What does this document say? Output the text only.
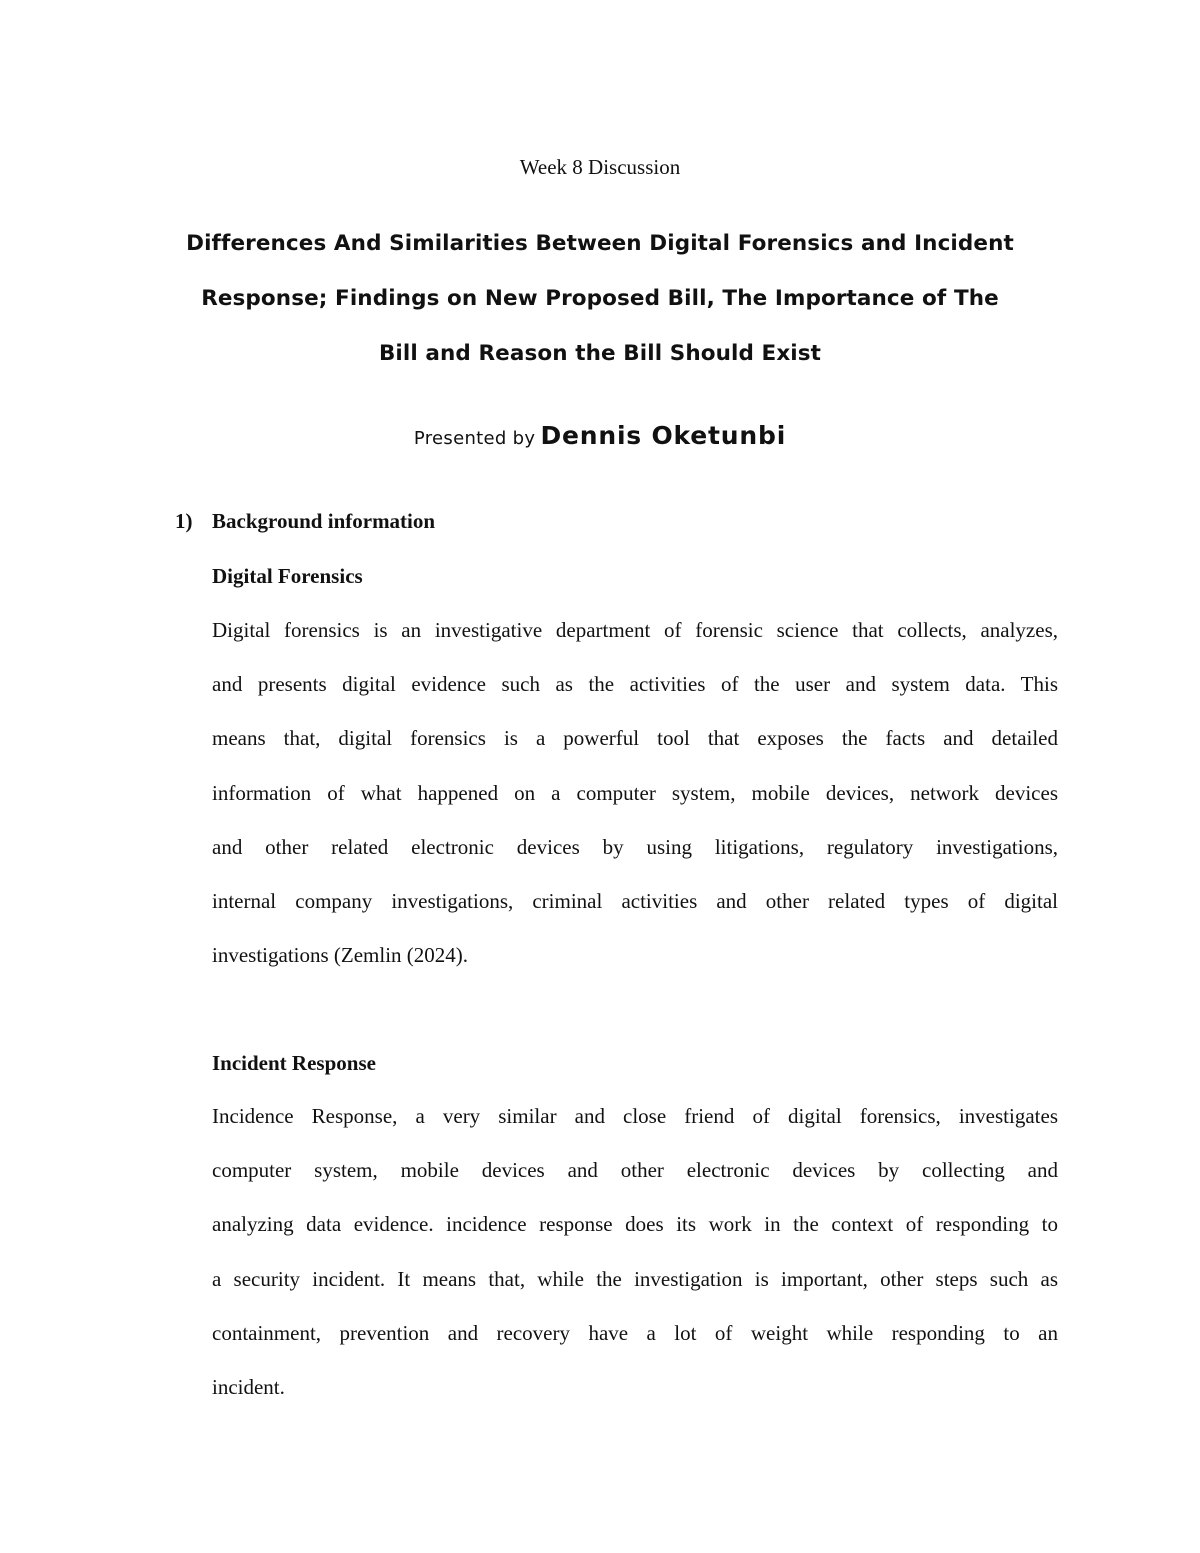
Week 8 Discussion
Differences And Similarities Between Digital Forensics and Incident
Response; Findings on New Proposed Bill, The Importance of The
Bill and Reason the Bill Should Exist
Presented by Dennis Oketunbi
1) Background information
Digital Forensics
Digital forensics is an investigative department of forensic science that collects, analyzes,
and presents digital evidence such as the activities of the user and system data. This
means that, digital forensics is a powerful tool that exposes the facts and detailed
information of what happened on a computer system, mobile devices, network devices
and other related electronic devices by using litigations, regulatory investigations,
internal company investigations, criminal activities and other related types of digital
investigations (Zemlin (2024).
Incident Response
Incidence Response, a very similar and close friend of digital forensics, investigates
computer system, mobile devices and other electronic devices by collecting and
analyzing data evidence. incidence response does its work in the context of responding to
a security incident. It means that, while the investigation is important, other steps such as
containment, prevention and recovery have a lot of weight while responding to an
incident.
